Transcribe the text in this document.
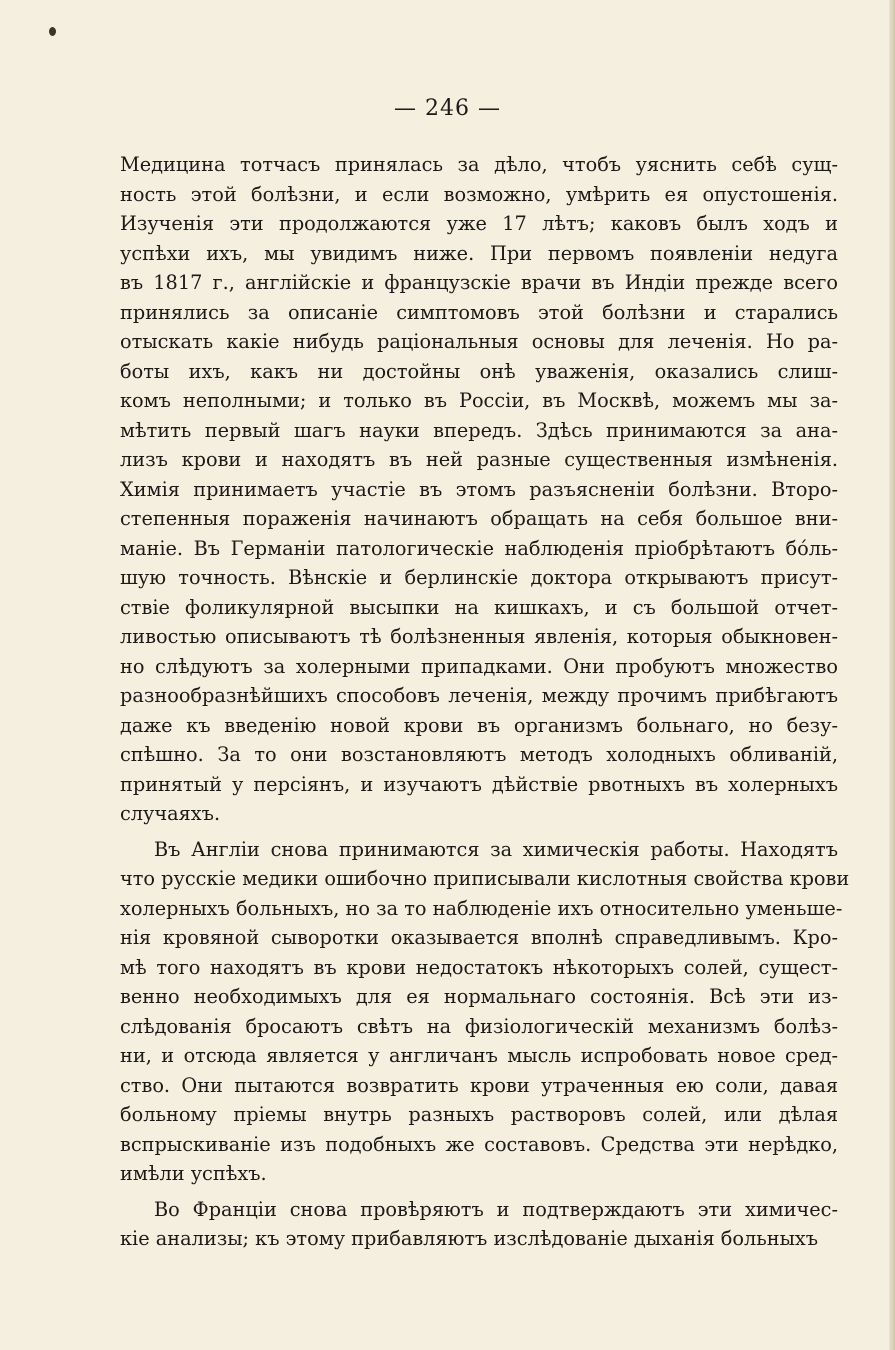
— 246 —
Медицина тотчасъ принялась за дѣло, чтобъ уяснить себѣ сущ-
ность этой болѣзни, и если возможно, умѣрить ея опустошенія.
Изученія эти продолжаются уже 17 лѣтъ; каковъ былъ ходъ и
успѣхи ихъ, мы увидимъ ниже. При первомъ появленіи недуга
въ 1817 г., англійскіе и французскіе врачи въ Индіи прежде всего
принялись за описаніе симптомовъ этой болѣзни и старались
отыскать какіе нибудь раціональныя основы для леченія. Но ра-
боты ихъ, какъ ни достойны онѣ уваженія, оказались слиш-
комъ неполными; и только въ Россіи, въ Москвѣ, можемъ мы за-
мѣтить первый шагъ науки впередъ. Здѣсь принимаются за ана-
лизъ крови и находятъ въ ней разные существенныя измѣненія.
Химія принимаетъ участіе въ этомъ разъясненіи болѣзни. Второ-
степенныя пораженія начинаютъ обращать на себя большое вни-
маніе. Въ Германіи патологическіе наблюденія пріобрѣтаютъ бо́ль-
шую точность. Вѣнскіе и берлинскіе доктора открываютъ присут-
ствіе фоликулярной высыпки на кишкахъ, и съ большой отчет-
ливостью описываютъ тѣ болѣзненныя явленія, которыя обыкновен-
но слѣдуютъ за холерными припадками. Они пробуютъ множество
разнообразнѣйшихъ способовъ леченія, между прочимъ прибѣгаютъ
даже къ введенію новой крови въ организмъ больнаго, но безу-
спѣшно. За то они возстановляютъ методъ холодныхъ обливаній,
принятый у персіянъ, и изучаютъ дѣйствіе рвотныхъ въ холерныхъ
случаяхъ.
Въ Англіи снова принимаются за химическія работы. Находятъ
что русскіе медики ошибочно приписывали кислотныя свойства крови
холерныхъ больныхъ, но за то наблюденіе ихъ относительно уменьше-
нія кровяной сыворотки оказывается вполнѣ справедливымъ. Кро-
мѣ того находятъ въ крови недостатокъ нѣкоторыхъ солей, сущест-
венно необходимыхъ для ея нормальнаго состоянія. Всѣ эти из-
слѣдованія бросаютъ свѣтъ на физіологическій механизмъ болѣз-
ни, и отсюда является у англичанъ мысль испробовать новое сред-
ство. Они пытаются возвратить крови утраченныя ею соли, давая
больному пріемы внутрь разныхъ растворовъ солей, или дѣлая
вспрыскиваніе изъ подобныхъ же составовъ. Средства эти нерѣдко,
имѣли успѣхъ.
Во Франціи снова провѣряютъ и подтверждаютъ эти химичес-
кіе анализы; къ этому прибавляютъ изслѣдованіе дыханія больныхъ
